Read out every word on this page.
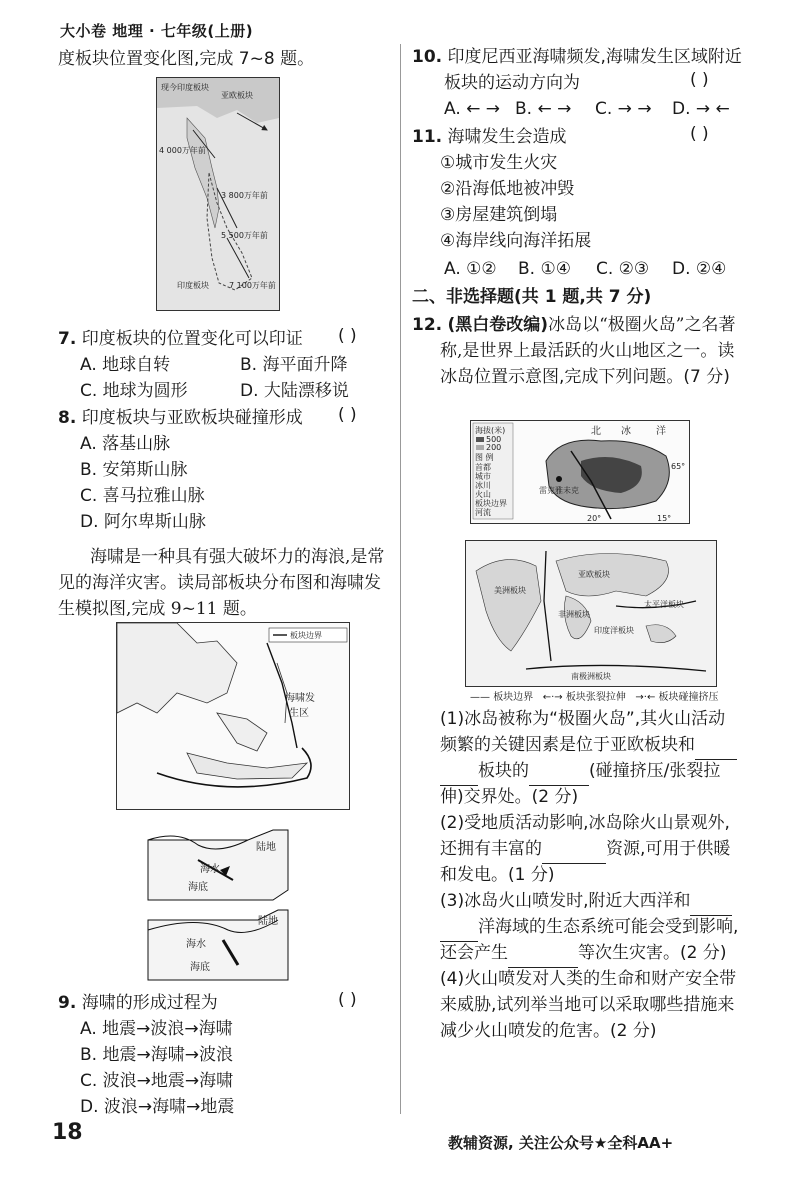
大小卷 地理 · 七年级(上册)
度板块位置变化图,完成 7~8 题。
现今印度板块
亚欧板块
4 000万年前
3 800万年前
5 500万年前
7 100万年前
印度板块
7. 印度板块的位置变化可以印证 ( )
A. 地球自转	B. 海平面升降
C. 地球为圆形	D. 大陆漂移说
8. 印度板块与亚欧板块碰撞形成 ( )
A. 落基山脉
B. 安第斯山脉
C. 喜马拉雅山脉
D. 阿尔卑斯山脉
海啸是一种具有强大破坏力的海浪,是常
见的海洋灾害。读局部板块分布图和海啸发
生模拟图,完成 9~11 题。
板块边界
海啸发
生区
陆地
海水
海底
陆地
海水
海底
9. 海啸的形成过程为	( )
A. 地震→波浪→海啸
B. 地震→海啸→波浪
C. 波浪→地震→海啸
D. 波浪→海啸→地震
10. 印度尼西亚海啸频发,海啸发生区域附近
板块的运动方向为	( )
A. ← → B. ← → C. → → D. → ←
11. 海啸发生会造成	( )
①城市发生火灾
②沿海低地被冲毁
③房屋建筑倒塌
④海岸线向海洋拓展
A. ①② B. ①④ C. ②③ D. ②④
二、非选择题(共 1 题,共 7 分)
12. (黑白卷改编)冰岛以“极圈火岛”之名著
称,是世界上最活跃的火山地区之一。读
冰岛位置示意图,完成下列问题。(7 分)
海拔(米)
500
200
图 例
首都
城市
冰川
火山
板块边界
河流
雷克雅未克
北 冰	洋
65°
20°	15°
亚欧板块
太平洋板块
印度洋板块
非洲板块
美洲板块
南极洲板块
—— 板块边界 ←·→ 板块张裂拉伸 →·← 板块碰撞挤压
(1)冰岛被称为“极圈火岛”,其火山活动
频繁的关键因素是位于亚欧板块和
板块的	(碰撞挤压/张裂拉
伸)交界处。(2 分)
(2)受地质活动影响,冰岛除火山景观外,
还拥有丰富的	资源,可用于供暖
和发电。(1 分)
(3)冰岛火山喷发时,附近大西洋和
洋海域的生态系统可能会受到影响,
还会产生	等次生灾害。(2 分)
(4)火山喷发对人类的生命和财产安全带
来威胁,试列举当地可以采取哪些措施来
减少火山喷发的危害。(2 分)
18	教辅资源, 关注公众号★全科AA+
